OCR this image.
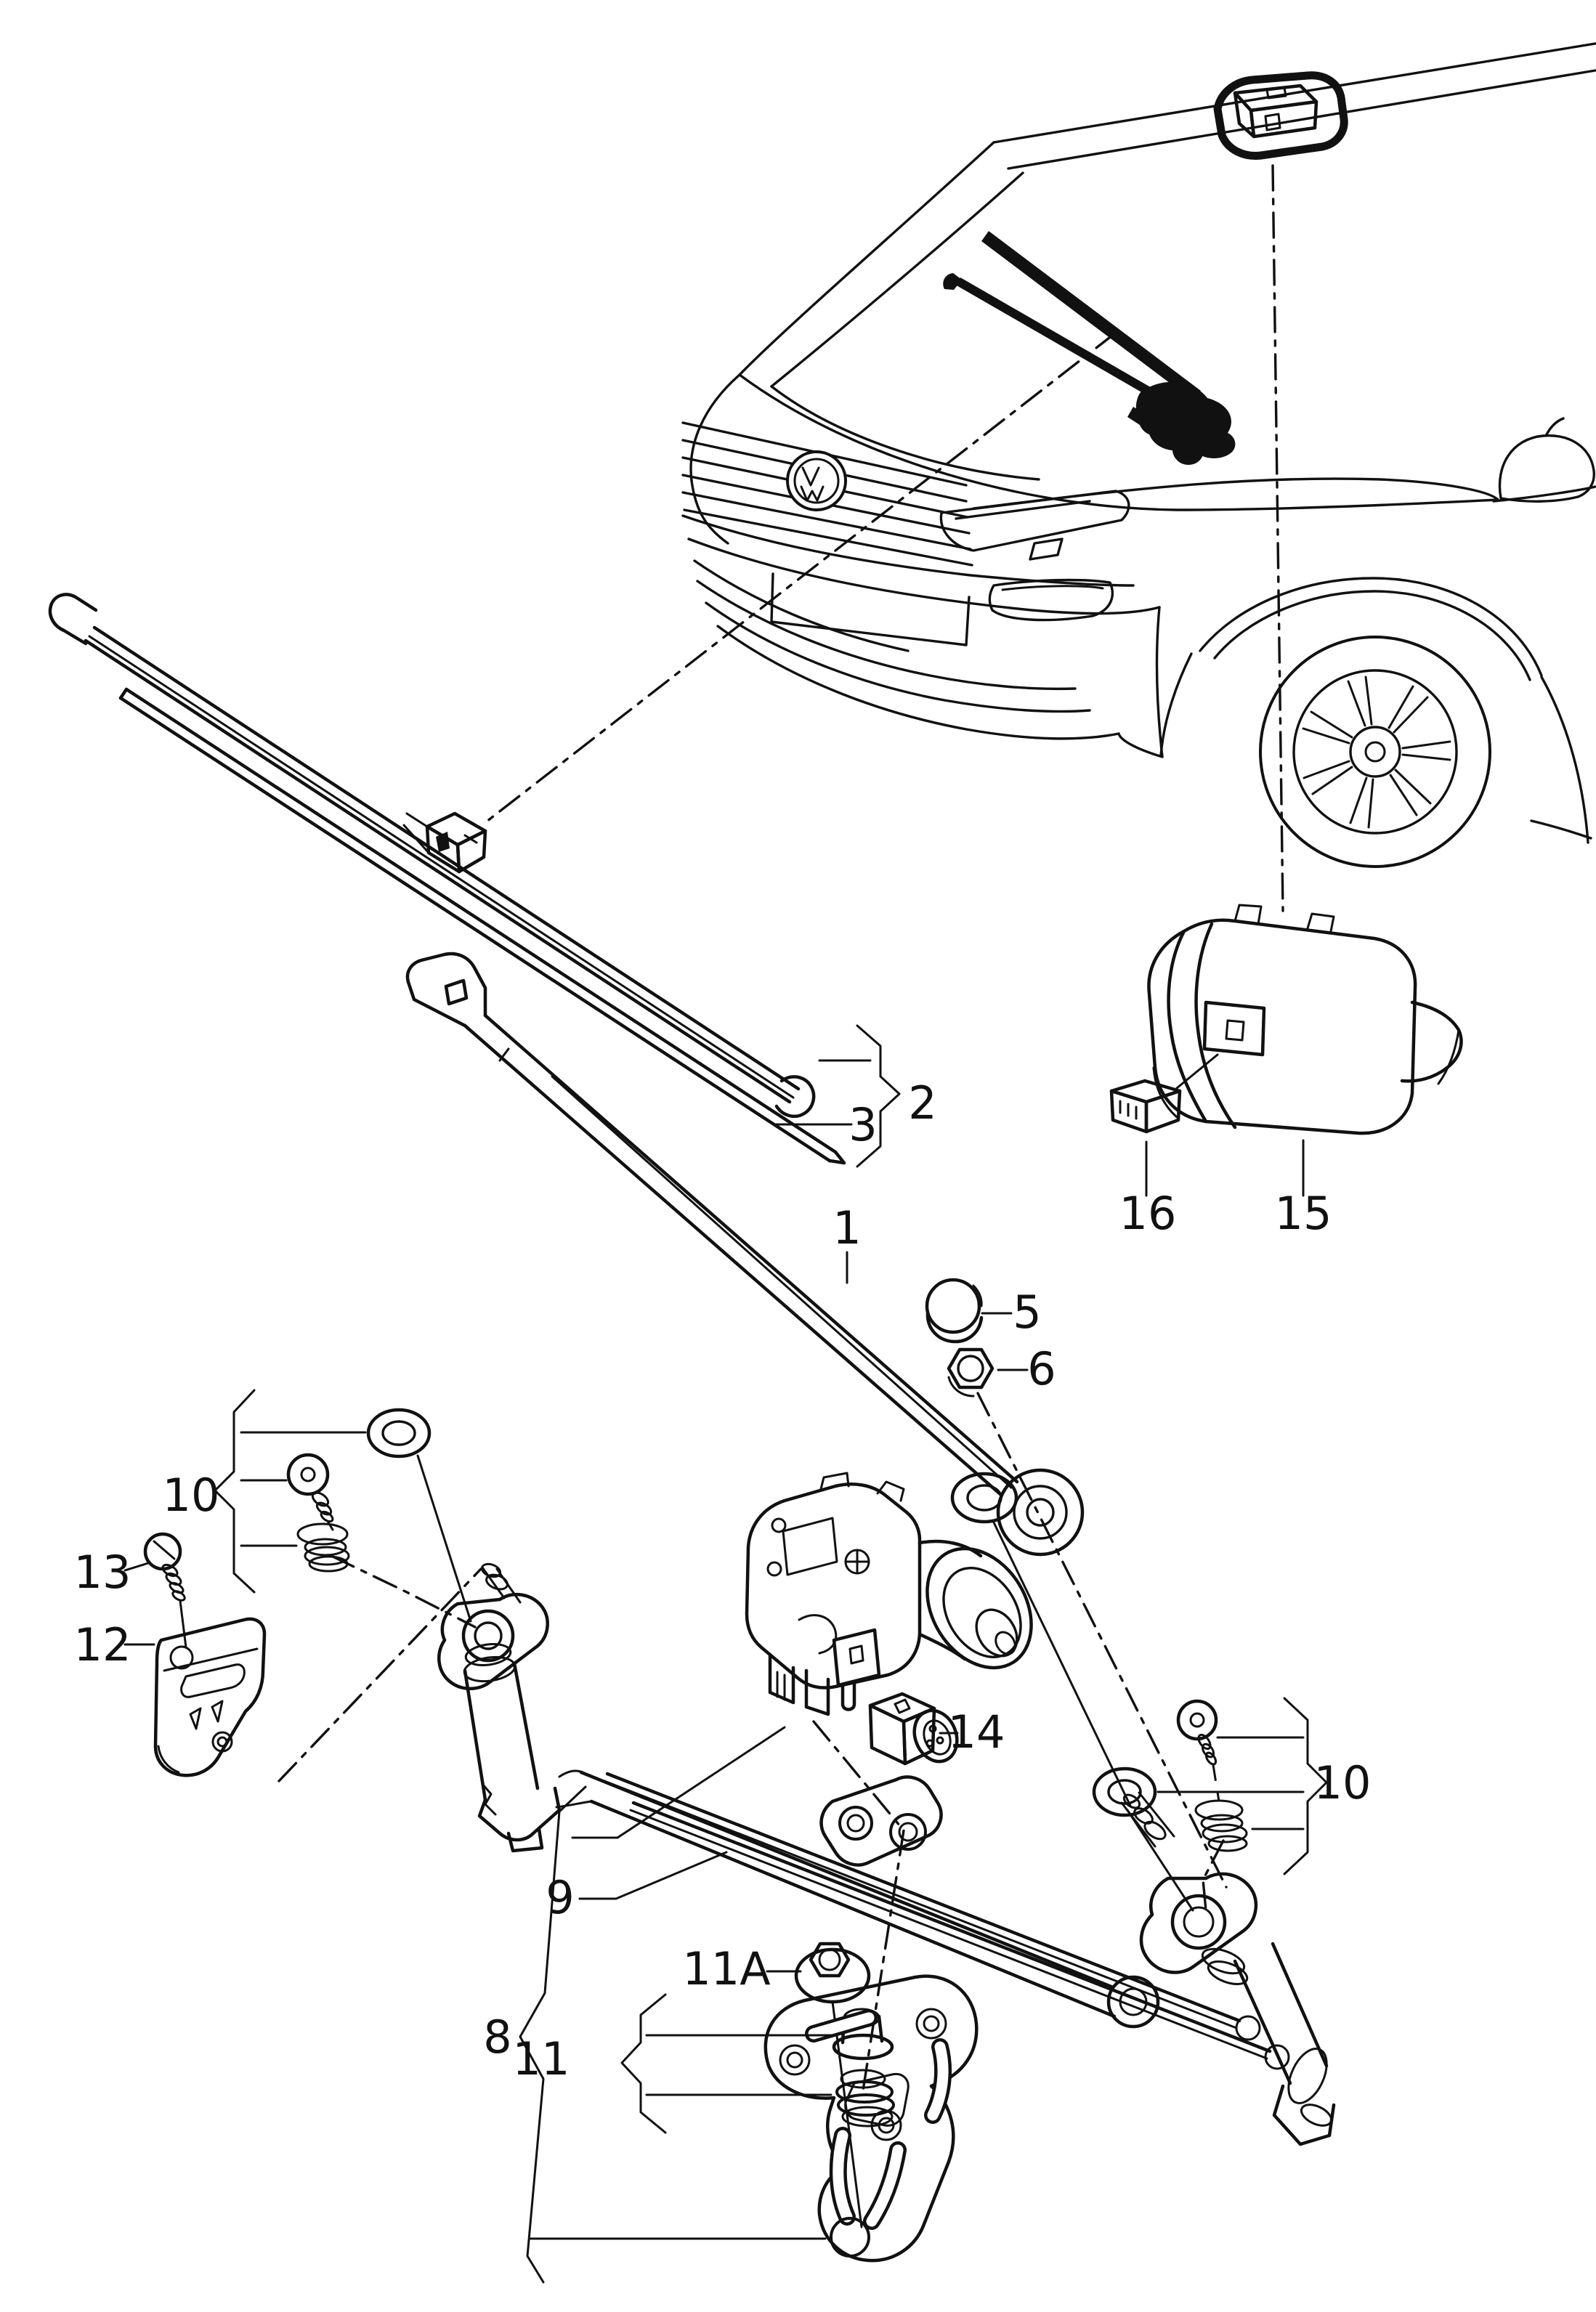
1
2
3
5
6
8
9
10
10
11
11A
12
13
14
15
16
